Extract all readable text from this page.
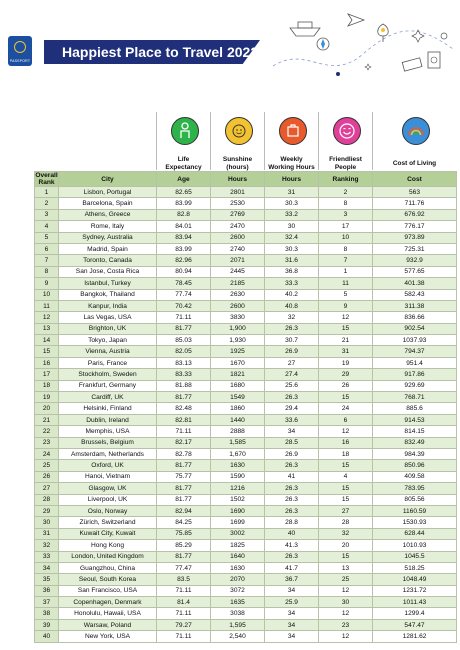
PASSPORT
Happiest Place to Travel 2022
Life
Expectancy
Sunshine
(hours)
Weekly
Working Hours
Friendliest
People	Cost of Living
Overall Rank	City	Age	Hours	Hours	Ranking	Cost
1	Lisbon, Portugal	82.65	2801	31	2	563
2	Barcelona, Spain	83.99	2530	30.3	8	711.76
3	Athens, Greece	82.8	2769	33.2	3	676.92
4	Rome, Italy	84.01	2470	30	17	776.17
5	Sydney, Australia	83.94	2600	32.4	10	973.89
6	Madrid, Spain	83.99	2740	30.3	8	725.31
7	Toronto, Canada	82.96	2071	31.6	7	932.9
8	San Jose, Costa Rica	80.94	2445	36.8	1	577.65
9	Istanbul, Turkey	78.45	2185	33.3	11	401.38
10	Bangkok, Thailand	77.74	2630	40.2	5	582.43
11	Kanpur, India	70.42	2600	40.8	9	311.38
12	Las Vegas, USA	71.11	3830	32	12	836.66
13	Brighton, UK	81.77	1,900	26.3	15	902.54
14	Tokyo, Japan	85.03	1,930	30.7	21	1037.93
15	Vienna, Austria	82.05	1925	26.9	31	794.37
16	Paris, France	83.13	1670	27	19	951.4
17	Stockholm, Sweden	83.33	1821	27.4	29	917.86
18	Frankfurt, Germany	81.88	1680	25.6	26	929.69
19	Cardiff, UK	81.77	1549	26.3	15	768.71
20	Helsinki, Finland	82.48	1860	29.4	24	885.6
21	Dublin, Ireland	82.81	1440	33.6	6	914.53
22	Memphis, USA	71.11	2888	34	12	814.15
23	Brussels, Belgium	82.17	1,585	28.5	16	832.49
24	Amsterdam, Netherlands	82.78	1,670	26.9	18	984.39
25	Oxford, UK	81.77	1630	26.3	15	850.96
26	Hanoi, Vietnam	75.77	1590	41	4	409.58
27	Glasgow, UK	81.77	1216	26.3	15	783.95
28	Liverpool, UK	81.77	1502	26.3	15	805.56
29	Oslo, Norway	82.94	1690	26.3	27	1160.59
30	Zürich, Switzerland	84.25	1699	28.8	28	1530.93
31	Kuwait City, Kuwait	75.85	3002	40	32	628.44
32	Hong Kong	85.29	1825	41.3	20	1010.93
33	London, United Kingdom	81.77	1640	26.3	15	1045.5
34	Guangzhou, China	77.47	1630	41.7	13	518.25
35	Seoul, South Korea	83.5	2070	36.7	25	1048.49
36	San Francisco, USA	71.11	3072	34	12	1231.72
37	Copenhagen, Denmark	81.4	1635	25.9	30	1011.43
38	Honolulu, Hawaii, USA	71.11	3038	34	12	1299.4
39	Warsaw, Poland	79.27	1,595	34	23	547.47
40	New York, USA	71.11	2,540	34	12	1281.62
